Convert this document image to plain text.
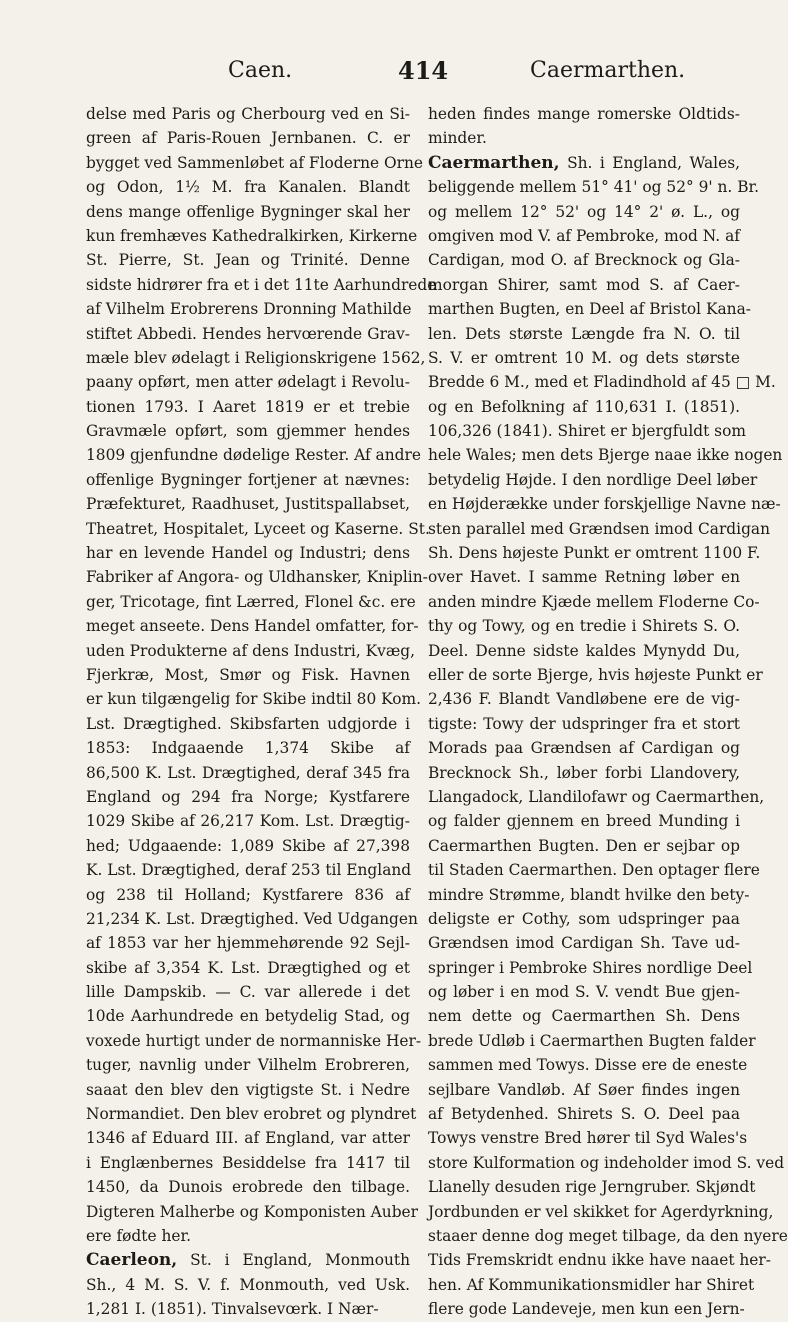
Caen.	414	Caermarthen.
delse med Paris og Cherbourg ved en Si-
green af Paris-Rouen Jernbanen. C. er
bygget ved Sammenløbet af Floderne Orne
og Odon, 1½ M. fra Kanalen. Blandt
dens mange offenlige Bygninger skal her
kun fremhæves Kathedralkirken, Kirkerne
St. Pierre, St. Jean og Trinité. Denne
sidste hidrører fra et i det 11te Aarhundrede
af Vilhelm Erobrerens Dronning Mathilde
stiftet Abbedi. Hendes hervœrende Grav-
mæle blev ødelagt i Religionskrigene 1562,
paany opført, men atter ødelagt i Revolu-
tionen 1793. I Aaret 1819 er et trebie
Gravmæle opført, som gjemmer hendes
1809 gjenfundne dødelige Rester. Af andre
offenlige Bygninger fortjener at nævnes:
Præfekturet, Raadhuset, Justitspallabset,
Theatret, Hospitalet, Lyceet og Kaserne. St.
har en levende Handel og Industri; dens
Fabriker af Angora- og Uldhansker, Kniplin-
ger, Tricotage, fint Lærred, Flonel &c. ere
meget anseete. Dens Handel omfatter, for-
uden Produkterne af dens Industri, Kvæg,
Fjerkræ, Most, Smør og Fisk. Havnen
er kun tilgængelig for Skibe indtil 80 Kom.
Lst. Drægtighed. Skibsfarten udgjorde i
1853: Indgaaende 1,374 Skibe af
86,500 K. Lst. Drægtighed, deraf 345 fra
England og 294 fra Norge; Kystfarere
1029 Skibe af 26,217 Kom. Lst. Drægtig-
hed; Udgaaende: 1,089 Skibe af 27,398
K. Lst. Drægtighed, deraf 253 til England
og 238 til Holland; Kystfarere 836 af
21,234 K. Lst. Drægtighed. Ved Udgangen
af 1853 var her hjemmehørende 92 Sejl-
skibe af 3,354 K. Lst. Drægtighed og et
lille Dampskib. — C. var allerede i det
10de Aarhundrede en betydelig Stad, og
voxede hurtigt under de normanniske Her-
tuger, navnlig under Vilhelm Erobreren,
saaat den blev den vigtigste St. i Nedre
Normandiet. Den blev erobret og plyndret
1346 af Eduard III. af England, var atter
i Englænbernes Besiddelse fra 1417 til
1450, da Dunois erobrede den tilbage.
Digteren Malherbe og Komponisten Auber
ere fødte her.
Caerleon, St. i England, Monmouth
Sh., 4 M. S. V. f. Monmouth, ved Usk.
1,281 I. (1851). Tinvalsevœrk. I Nær-
heden findes mange romerske Oldtids-
minder.
Caermarthen, Sh. i England, Wales,
beliggende mellem 51° 41' og 52° 9' n. Br.
og mellem 12° 52' og 14° 2' ø. L., og
omgiven mod V. af Pembroke, mod N. af
Cardigan, mod O. af Brecknock og Gla-
morgan Shirer, samt mod S. af Caer-
marthen Bugten, en Deel af Bristol Kana-
len. Dets største Længde fra N. O. til
S. V. er omtrent 10 M. og dets største
Bredde 6 M., med et Fladindhold af 45 □ M.
og en Befolkning af 110,631 I. (1851).
106,326 (1841). Shiret er bjergfuldt som
hele Wales; men dets Bjerge naae ikke nogen
betydelig Højde. I den nordlige Deel løber
en Højderække under forskjellige Navne næ-
sten parallel med Grændsen imod Cardigan
Sh. Dens højeste Punkt er omtrent 1100 F.
over Havet. I samme Retning løber en
anden mindre Kjæde mellem Floderne Co-
thy og Towy, og en tredie i Shirets S. O.
Deel. Denne sidste kaldes Mynydd Du,
eller de sorte Bjerge, hvis højeste Punkt er
2,436 F. Blandt Vandløbene ere de vig-
tigste: Towy der udspringer fra et stort
Morads paa Grændsen af Cardigan og
Brecknock Sh., løber forbi Llandovery,
Llangadock, Llandilofawr og Caermarthen,
og falder gjennem en breed Munding i
Caermarthen Bugten. Den er sejbar op
til Staden Caermarthen. Den optager flere
mindre Strømme, blandt hvilke den bety-
deligste er Cothy, som udspringer paa
Grændsen imod Cardigan Sh. Tave ud-
springer i Pembroke Shires nordlige Deel
og løber i en mod S. V. vendt Bue gjen-
nem dette og Caermarthen Sh. Dens
brede Udløb i Caermarthen Bugten falder
sammen med Towys. Disse ere de eneste
sejlbare Vandløb. Af Søer findes ingen
af Betydenhed. Shirets S. O. Deel paa
Towys venstre Bred hører til Syd Wales's
store Kulformation og indeholder imod S. ved
Llanelly desuden rige Jerngruber. Skjøndt
Jordbunden er vel skikket for Agerdyrkning,
staaer denne dog meget tilbage, da den nyere
Tids Fremskridt endnu ikke have naaet her-
hen. Af Kommunikationsmidler har Shiret
flere gode Landeveje, men kun een Jern-
